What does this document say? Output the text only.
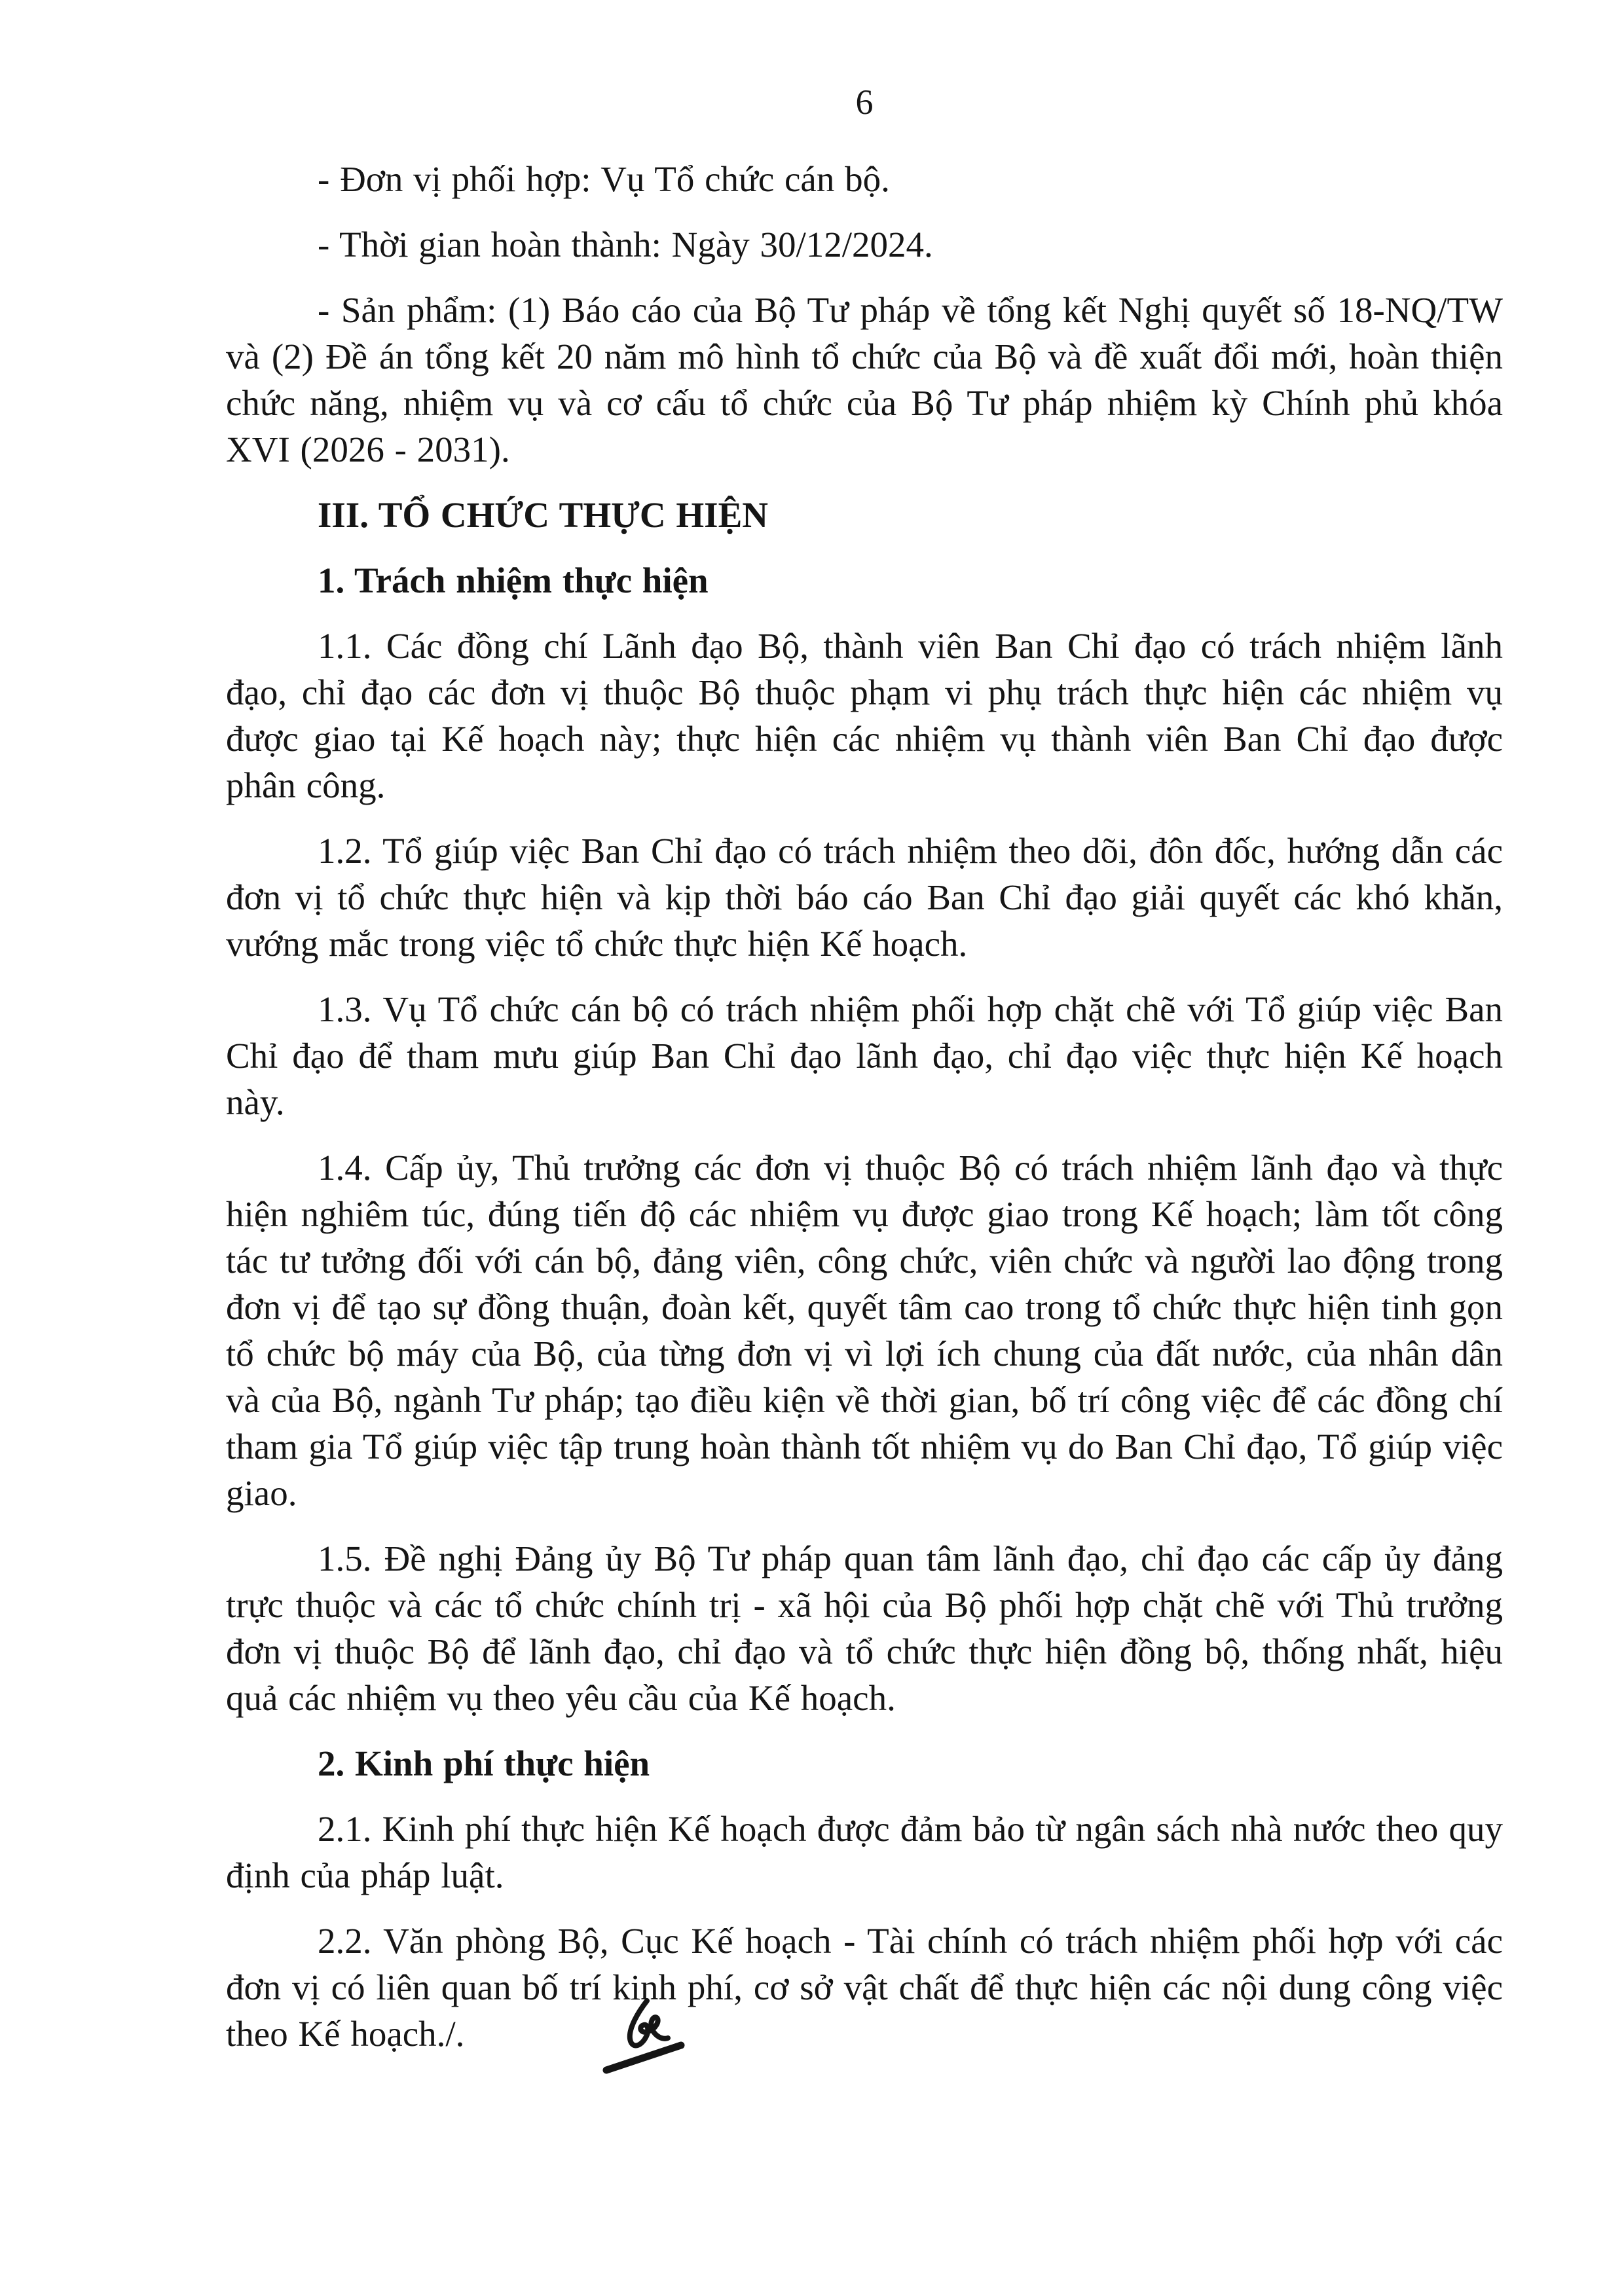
6

- Đơn vị phối hợp: Vụ Tổ chức cán bộ.

- Thời gian hoàn thành: Ngày 30/12/2024.

- Sản phẩm: (1) Báo cáo của Bộ Tư pháp về tổng kết Nghị quyết số 18-NQ/TW và (2) Đề án tổng kết 20 năm mô hình tổ chức của Bộ và đề xuất đổi mới, hoàn thiện chức năng, nhiệm vụ và cơ cấu tổ chức của Bộ Tư pháp nhiệm kỳ Chính phủ khóa XVI (2026 - 2031).

III. TỔ CHỨC THỰC HIỆN

1. Trách nhiệm thực hiện

1.1. Các đồng chí Lãnh đạo Bộ, thành viên Ban Chỉ đạo có trách nhiệm lãnh đạo, chỉ đạo các đơn vị thuộc Bộ thuộc phạm vi phụ trách thực hiện các nhiệm vụ được giao tại Kế hoạch này; thực hiện các nhiệm vụ thành viên Ban Chỉ đạo được phân công.

1.2. Tổ giúp việc Ban Chỉ đạo có trách nhiệm theo dõi, đôn đốc, hướng dẫn các đơn vị tổ chức thực hiện và kịp thời báo cáo Ban Chỉ đạo giải quyết các khó khăn, vướng mắc trong việc tổ chức thực hiện Kế hoạch.

1.3. Vụ Tổ chức cán bộ có trách nhiệm phối hợp chặt chẽ với Tổ giúp việc Ban Chỉ đạo để tham mưu giúp Ban Chỉ đạo lãnh đạo, chỉ đạo việc thực hiện Kế hoạch này.

1.4. Cấp ủy, Thủ trưởng các đơn vị thuộc Bộ có trách nhiệm lãnh đạo và thực hiện nghiêm túc, đúng tiến độ các nhiệm vụ được giao trong Kế hoạch; làm tốt công tác tư tưởng đối với cán bộ, đảng viên, công chức, viên chức và người lao động trong đơn vị để tạo sự đồng thuận, đoàn kết, quyết tâm cao trong tổ chức thực hiện tinh gọn tổ chức bộ máy của Bộ, của từng đơn vị vì lợi ích chung của đất nước, của nhân dân và của Bộ, ngành Tư pháp; tạo điều kiện về thời gian, bố trí công việc để các đồng chí tham gia Tổ giúp việc tập trung hoàn thành tốt nhiệm vụ do Ban Chỉ đạo, Tổ giúp việc giao.

1.5. Đề nghị Đảng ủy Bộ Tư pháp quan tâm lãnh đạo, chỉ đạo các cấp ủy đảng trực thuộc và các tổ chức chính trị - xã hội của Bộ phối hợp chặt chẽ với Thủ trưởng đơn vị thuộc Bộ để lãnh đạo, chỉ đạo và tổ chức thực hiện đồng bộ, thống nhất, hiệu quả các nhiệm vụ theo yêu cầu của Kế hoạch.

2. Kinh phí thực hiện

2.1. Kinh phí thực hiện Kế hoạch được đảm bảo từ ngân sách nhà nước theo quy định của pháp luật.

2.2. Văn phòng Bộ, Cục Kế hoạch - Tài chính có trách nhiệm phối hợp với các đơn vị có liên quan bố trí kinh phí, cơ sở vật chất để thực hiện các nội dung công việc theo Kế hoạch./.
